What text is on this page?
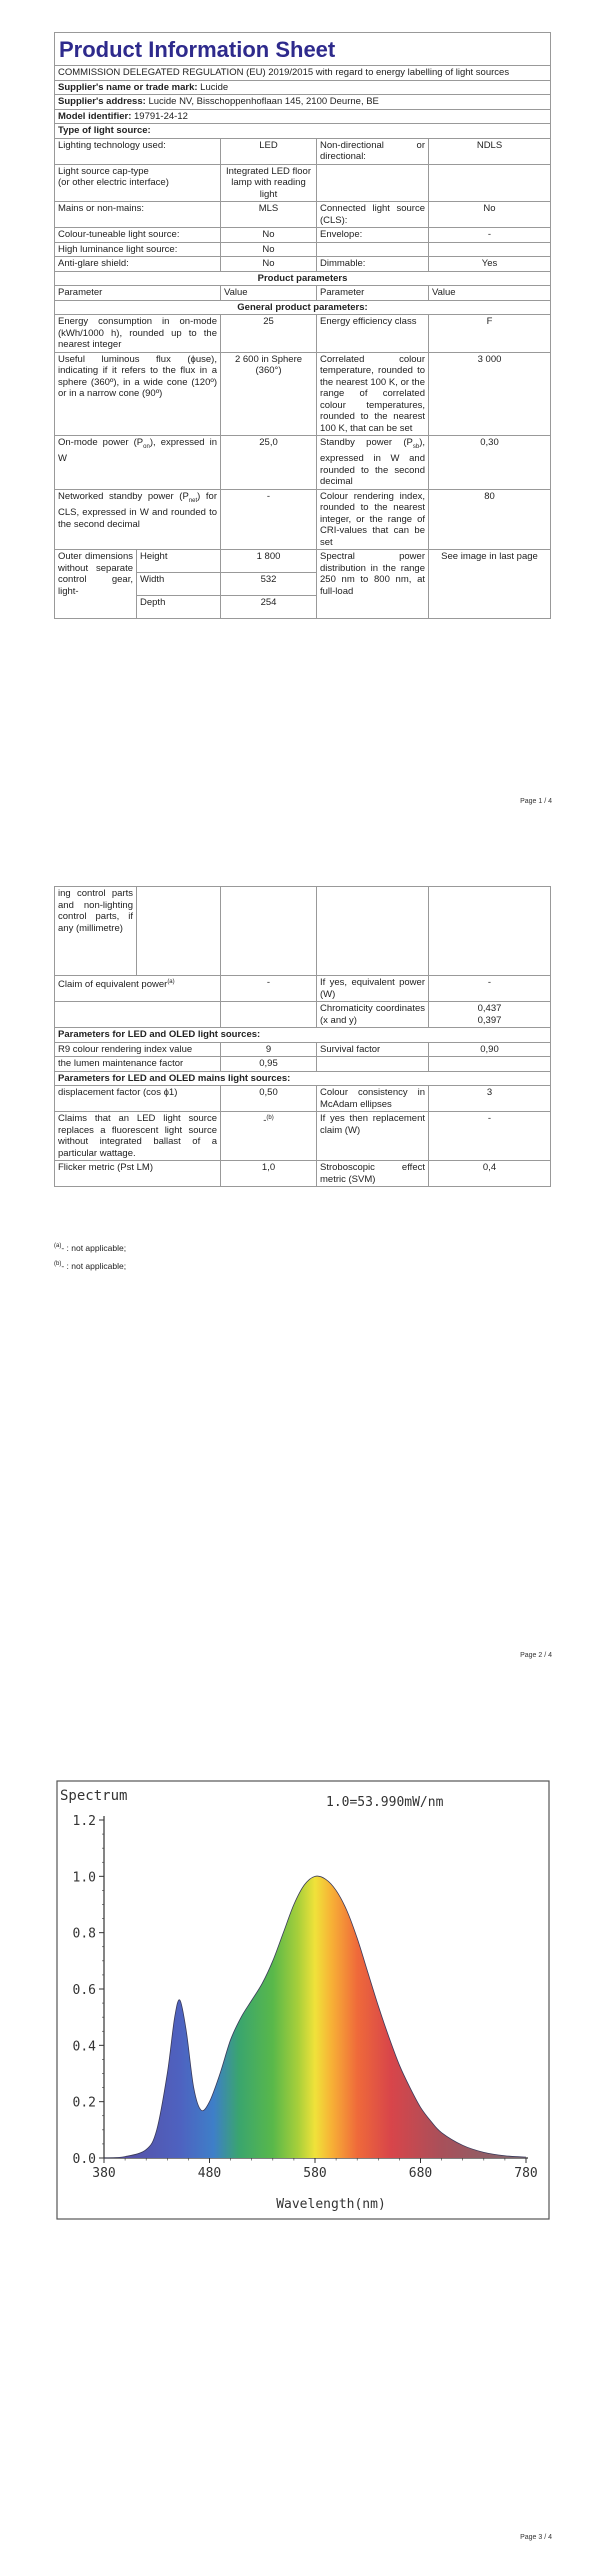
Product Information Sheet				
COMMISSION DELEGATED REGULATION (EU) 2019/2015 with regard to energy labelling of light sources				
Supplier's name or trade mark: Lucide				
Supplier's address: Lucide NV, Bisschoppenhoflaan 145, 2100 Deurne, BE				
Model identifier: 19791-24-12				
Type of light source:				
Lighting technology used:		LED	Non-directional or directional:	NDLS
Light source cap-type
(or other electric interface)		Integrated LED floor lamp with reading light		
Mains or non-mains:		MLS	Connected light source (CLS):	No
Colour-tuneable light source:		No	Envelope:	-
High luminance light source:		No		
Anti-glare shield:		No	Dimmable:	Yes
Product parameters				
Parameter		Value	Parameter	Value
General product parameters:				
Energy consumption in on-mode (kWh/1000 h), rounded up to the nearest integer		25	Energy efficiency class	F
Useful luminous flux (ϕuse), indicating if it refers to the flux in a sphere (360º), in a wide cone (120º) or in a narrow cone (90º)		2 600 in Sphere (360°)	Correlated colour temperature, rounded to the nearest 100 K, or the range of correlated colour temperatures, rounded to the nearest 100 K, that can be set	3 000
On-mode power $(P_{on})$, expressed in W		25,0	Standby power $(P_{sb})$, expressed in W and rounded to the second decimal	0,30
Networked standby power $(P_{net})$ for CLS, expressed in W and rounded to the second decimal		-	Colour rendering index, rounded to the nearest integer, or the range of CRI-values that can be set	80
Outer dimensions without separate control gear, light-	Height	1 800	Spectral power distribution in the range 250 nm to 800 nm, at full-load	See image in last page
	Width	532		
	Depth	254		
Page 1 / 4
ing control parts and non-lighting control parts, if any (millimetre)				
Claim of equivalent power$^{(a)}$		-	If yes, equivalent power (W)	-
			Chromaticity coordinates (x and y)	0,437
0,397

Parameters for LED and OLED light sources:				
R9 colour rendering index value		9	Survival factor	0,90
the lumen maintenance factor		0,95		
Parameters for LED and OLED mains light sources:				
displacement factor (cos ϕ1)		0,50	Colour consistency in McAdam ellipses	3
Claims that an LED light source replaces a fluorescent light source without integrated ballast of a particular wattage.		-$^{(b)}$	If yes then replacement claim (W)	-
Flicker metric (Pst LM)		1,0	Stroboscopic effect metric (SVM)	0,4
$^{(a)}$- : not applicable;
$^{(b)}$- : not applicable;
Page 2 / 4
Spectrum	1.0=53.990mW/nm
Wavelength(nm)
0.0
0.2
0.4
0.6
0.8
1.0
1.2
380	480	580	680	780
Page 3 / 4
